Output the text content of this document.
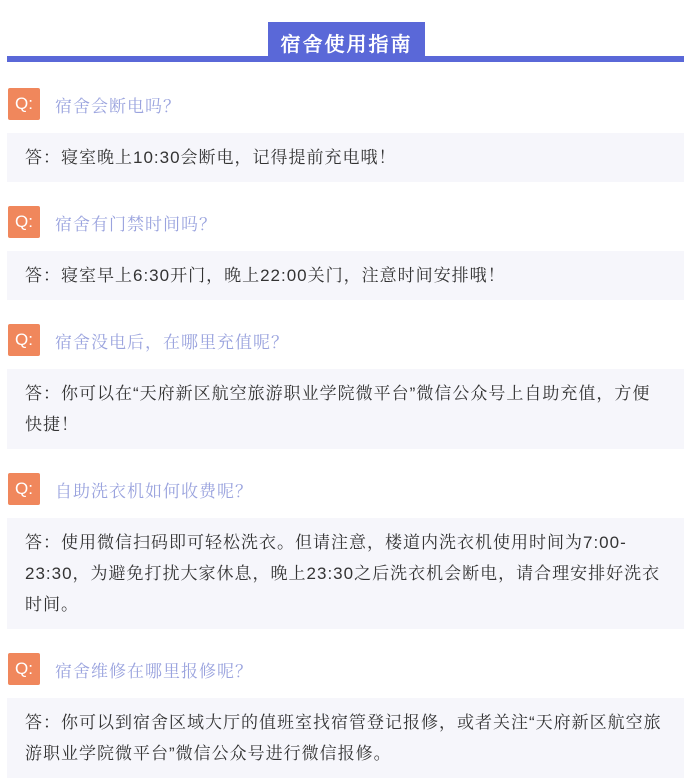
宿舍使用指南
Q:	宿舍会断电吗？
答：寝室晚上10:30会断电，记得提前充电哦！
Q:	宿舍有门禁时间吗？
答：寝室早上6:30开门，晚上22:00关门，注意时间安排哦！
Q:	宿舍没电后，在哪里充值呢？
答：你可以在“天府新区航空旅游职业学院微平台”微信公众号上自助充值，方便快捷！
Q:	自助洗衣机如何收费呢？
答：使用微信扫码即可轻松洗衣。但请注意，楼道内洗衣机使用时间为7:00-23:30，为避免打扰大家休息，晚上23:30之后洗衣机会断电，请合理安排好洗衣时间。
Q:	宿舍维修在哪里报修呢？
答：你可以到宿舍区域大厅的值班室找宿管登记报修，或者关注“天府新区航空旅游职业学院微平台”微信公众号进行微信报修。
